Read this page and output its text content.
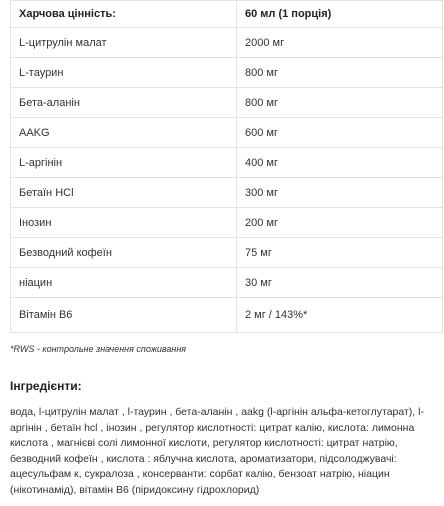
Харчова цінність:	60 мл (1 порція)
L-цитрулін малат	2000 мг
L-таурин	800 мг
Бета-аланін	800 мг
AAKG	600 мг
L-аргінін	400 мг
Бетаїн HCl	300 мг
Інозин	200 мг
Безводний кофеїн	75 мг
ніацин	30 мг
Вітамін В6	2 мг / 143%*

*RWS - контрольне значення споживання

Інгредієнти:

вода, l-цитрулін малат , l-таурин , бета-аланін , aakg (l-аргінін альфа-кетоглутарат), l-аргінін , бетаїн hcl , інозин , регулятор кислотності: цитрат калію, кислота: лимонна кислота , магнієві солі лимонної кислоти, регулятор кислотності: цитрат натрію, безводний кофеїн , кислота : яблучна кислота, ароматизатори, підсолоджувачі: ацесульфам к, сукралоза , консерванти: сорбат калію, бензоат натрію, ніацин (нікотинамід), вітамін В6 (піридоксину гідрохлорид)
